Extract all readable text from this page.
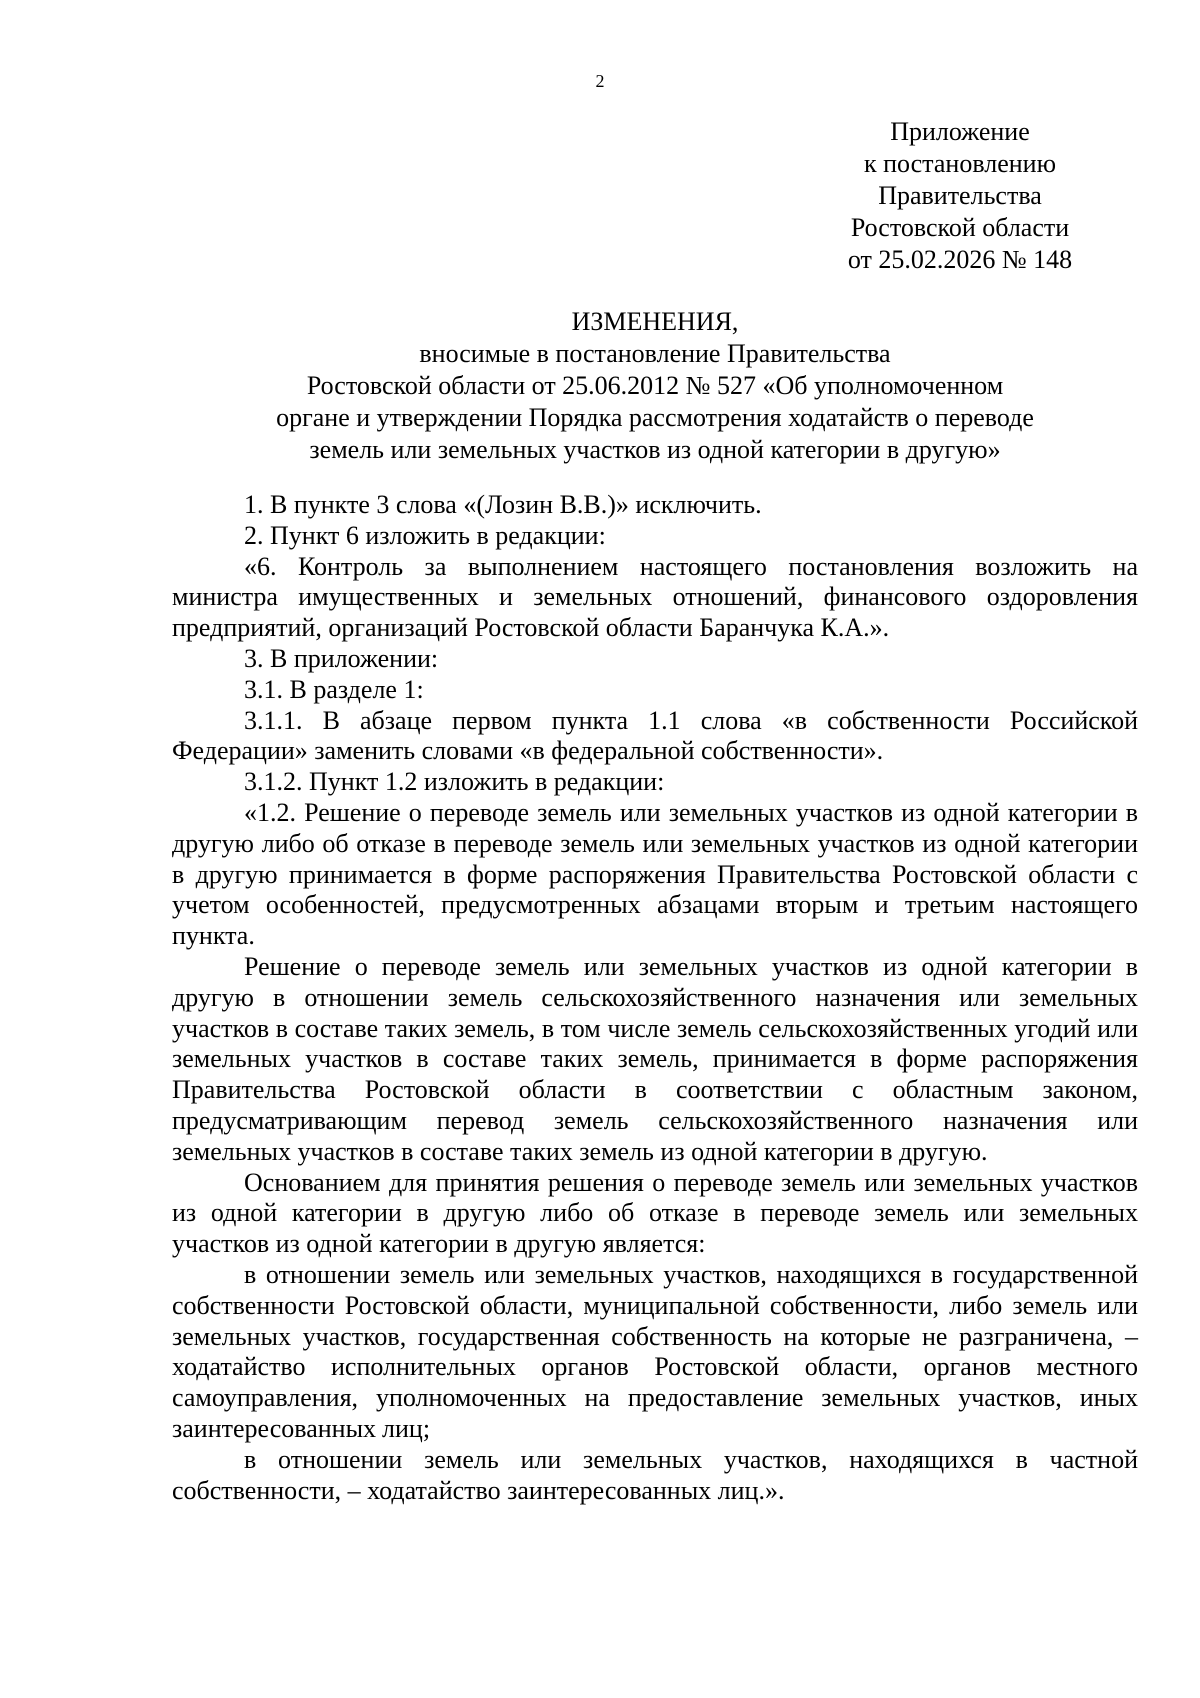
2
Приложение
к постановлению
Правительства
Ростовской области
от 25.02.2026 № 148
ИЗМЕНЕНИЯ,
вносимые в постановление Правительства
Ростовской области от 25.06.2012 № 527 «Об уполномоченном
органе и утверждении Порядка рассмотрения ходатайств о переводе
земель или земельных участков из одной категории в другую»

1. В пункте 3 слова «(Лозин В.В.)» исключить.

2. Пункт 6 изложить в редакции:

«6. Контроль за выполнением настоящего постановления возложить на министра имущественных и земельных отношений, финансового оздоровления предприятий, организаций Ростовской области Баранчука К.А.».

3. В приложении:

3.1. В разделе 1:

3.1.1. В абзаце первом пункта 1.1 слова «в собственности Российской Федерации» заменить словами «в федеральной собственности».

3.1.2. Пункт 1.2 изложить в редакции:

«1.2. Решение о переводе земель или земельных участков из одной категории в другую либо об отказе в переводе земель или земельных участков из одной категории в другую принимается в форме распоряжения Правительства Ростовской области с учетом особенностей, предусмотренных абзацами вторым и третьим настоящего пункта.

Решение о переводе земель или земельных участков из одной категории в другую в отношении земель сельскохозяйственного назначения или земельных участков в составе таких земель, в том числе земель сельскохозяйственных угодий или земельных участков в составе таких земель, принимается в форме распоряжения Правительства Ростовской области в соответствии с областным законом, предусматривающим перевод земель сельскохозяйственного назначения или земельных участков в составе таких земель из одной категории в другую.

Основанием для принятия решения о переводе земель или земельных участков из одной категории в другую либо об отказе в переводе земель или земельных участков из одной категории в другую является:

в отношении земель или земельных участков, находящихся в государственной собственности Ростовской области, муниципальной собственности, либо земель или земельных участков, государственная собственность на которые не разграничена, – ходатайство исполнительных органов Ростовской области, органов местного самоуправления, уполномоченных на предоставление земельных участков, иных заинтересованных лиц;

в отношении земель или земельных участков, находящихся в частной собственности, – ходатайство заинтересованных лиц.».
